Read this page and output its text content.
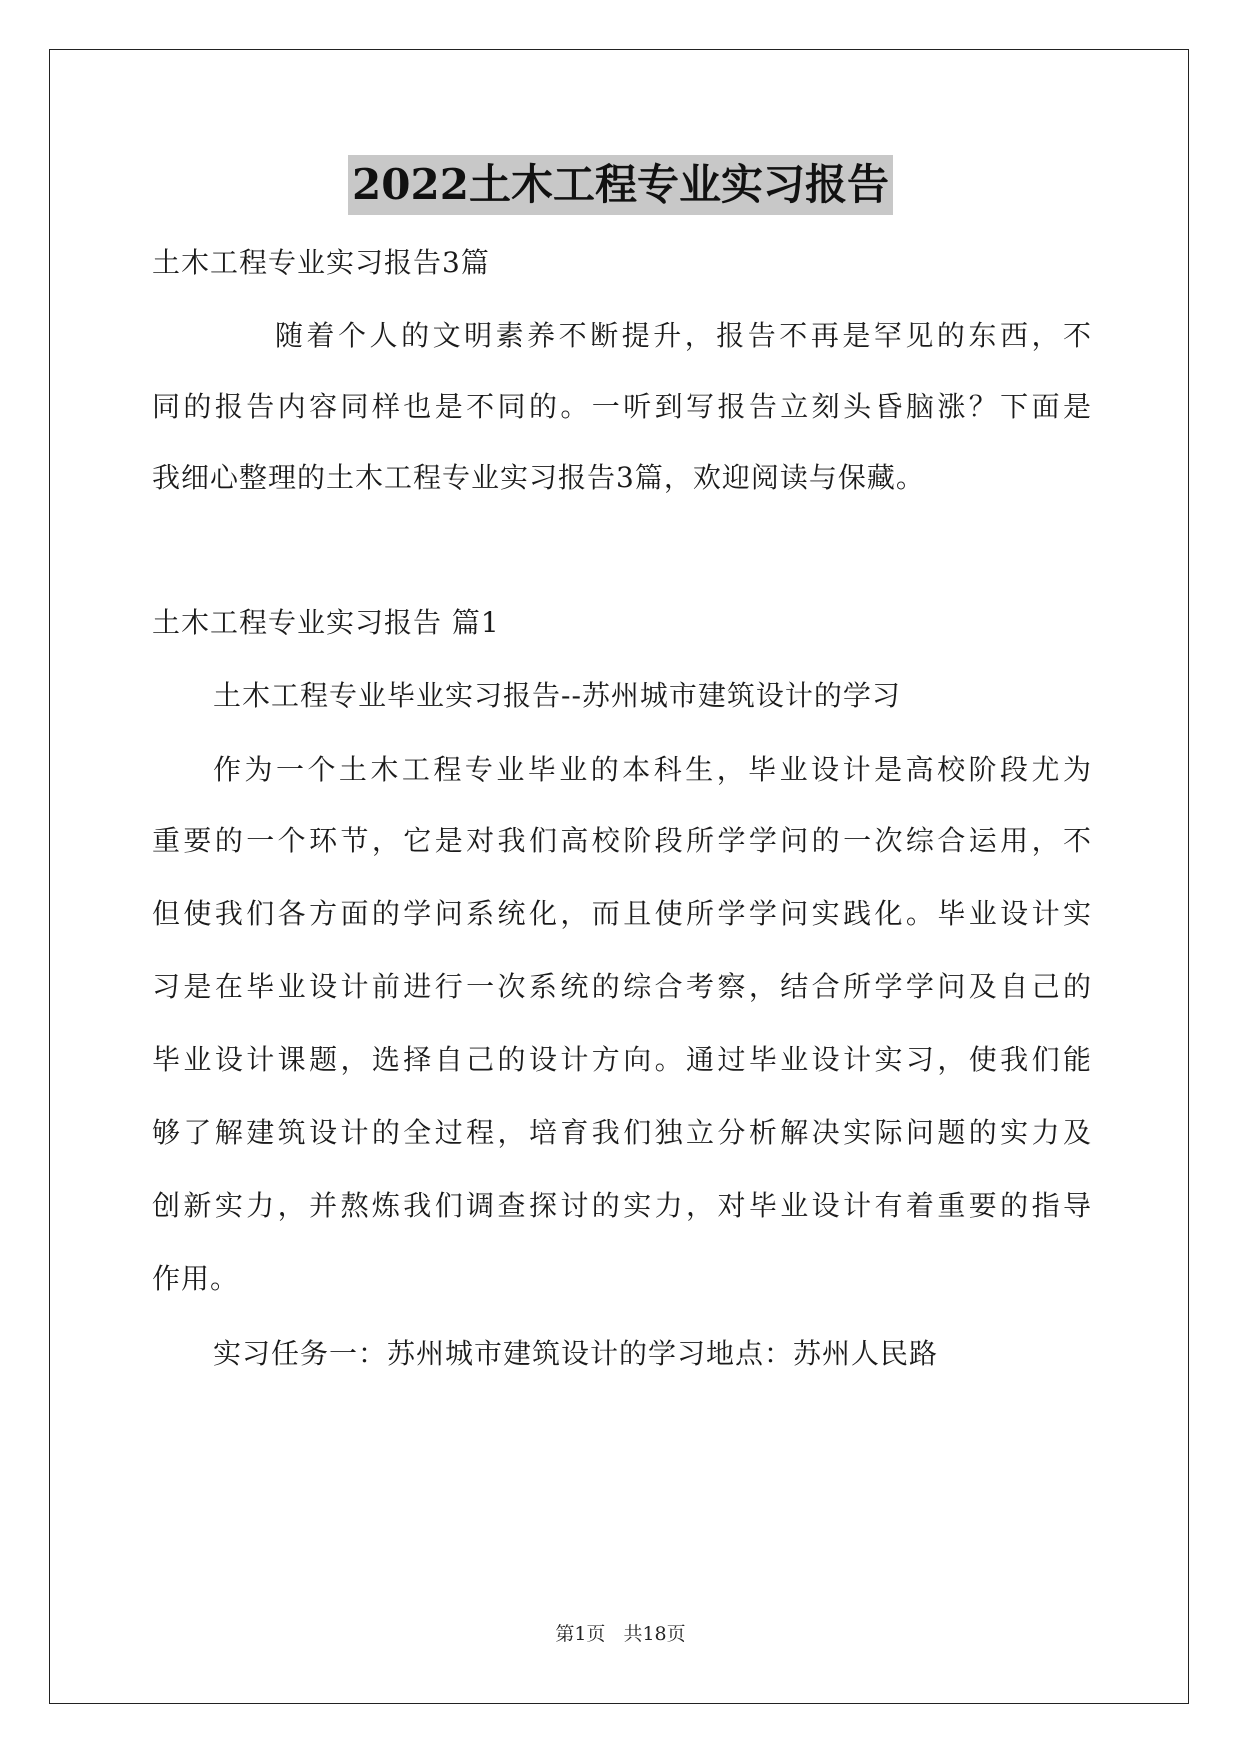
2022土木工程专业实习报告
土木工程专业实习报告3篇
随着个人的文明素养不断提升，报告不再是罕见的东西，不
同的报告内容同样也是不同的。一听到写报告立刻头昏脑涨？下面是
我细心整理的土木工程专业实习报告3篇，欢迎阅读与保藏。
土木工程专业实习报告 篇1
土木工程专业毕业实习报告--苏州城市建筑设计的学习
作为一个土木工程专业毕业的本科生，毕业设计是高校阶段尤为
重要的一个环节，它是对我们高校阶段所学学问的一次综合运用，不
但使我们各方面的学问系统化，而且使所学学问实践化。毕业设计实
习是在毕业设计前进行一次系统的综合考察，结合所学学问及自己的
毕业设计课题，选择自己的设计方向。通过毕业设计实习，使我们能
够了解建筑设计的全过程，培育我们独立分析解决实际问题的实力及
创新实力，并熬炼我们调查探讨的实力，对毕业设计有着重要的指导
作用。
实习任务一：苏州城市建筑设计的学习地点：苏州人民路
第1页 共18页
